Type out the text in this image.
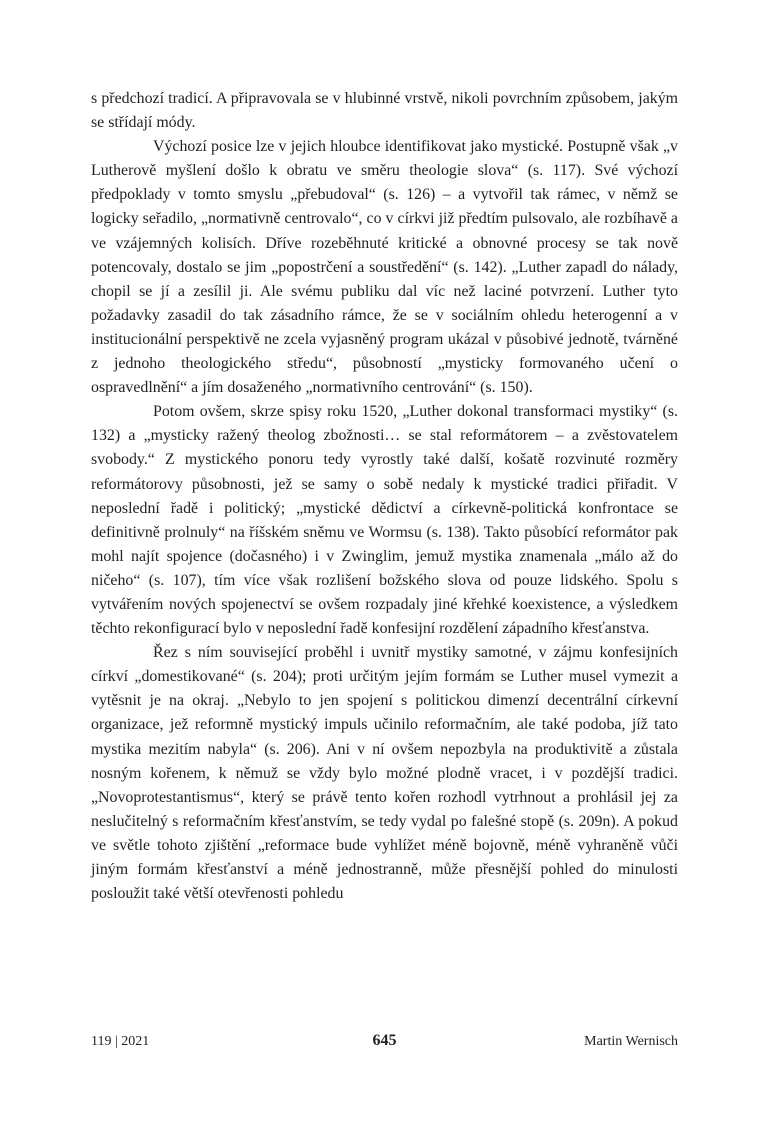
s předchozí tradicí. A připravovala se v hlubinné vrstvě, nikoli povrchním způsobem, jakým se střídají módy.

Výchozí posice lze v jejich hloubce identifikovat jako mystické. Postupně však „v Lutherově myšlení došlo k obratu ve směru theologie slova“ (s. 117). Své výchozí předpoklady v tomto smyslu „přebudoval“ (s. 126) – a vytvořil tak rámec, v němž se logicky seřadilo, „normativně centrovalo“, co v církvi již předtím pulsovalo, ale rozbíhavě a ve vzájemných kolisích. Dříve rozeběhnuté kritické a obnovné procesy se tak nově potencovaly, dostalo se jim „popostrčení a soustředění“ (s. 142). „Luther zapadl do nálady, chopil se jí a zesílil ji. Ale svému publiku dal víc než laciné potvrzení. Luther tyto požadavky zasadil do tak zásadního rámce, že se v sociálním ohledu heterogenní a v institucionální perspektivě ne zcela vyjasněný program ukázal v působivé jednotě, tvárněné z jednoho theologického středu“, působností „mysticky formovaného učení o ospravedlnění“ a jím dosaženého „normativního centrování“ (s. 150).

Potom ovšem, skrze spisy roku 1520, „Luther dokonal transformaci mystiky“ (s. 132) a „mysticky ražený theolog zbožnosti… se stal reformátorem – a zvěstovatelem svobody.“ Z mystického ponoru tedy vyrostly také další, košatě rozvinuté rozměry reformátorovy působnosti, jež se samy o sobě nedaly k mystické tradici přiřadit. V neposlední řadě i politický; „mystické dědictví a církevně-politická konfrontace se definitivně prolnuly“ na říšském sněmu ve Wormsu (s. 138). Takto působící reformátor pak mohl najít spojence (dočasného) i v Zwinglim, jemuž mystika znamenala „málo až do ničeho“ (s. 107), tím více však rozlišení božského slova od pouze lidského. Spolu s vytvářením nových spojenectví se ovšem rozpadaly jiné křehké koexistence, a výsledkem těchto rekonfigurací bylo v neposlední řadě konfesijní rozdělení západního křesťanstva.

Řez s ním související proběhl i uvnitř mystiky samotné, v zájmu konfesijních církví „domestikované“ (s. 204); proti určitým jejím formám se Luther musel vymezit a vytěsnit je na okraj. „Nebylo to jen spojení s politickou dimenzí decentrální církevní organizace, jež reformně mystický impuls učinilo reformačním, ale také podoba, jíž tato mystika mezitím nabyla“ (s. 206). Ani v ní ovšem nepozbyla na produktivitě a zůstala nosným kořenem, k němuž se vždy bylo možné plodně vracet, i v pozdější tradici. „Novoprotestantismus“, který se právě tento kořen rozhodl vytrhnout a prohlásil jej za neslučitelný s reformačním křesťanstvím, se tedy vydal po falešné stopě (s. 209n). A pokud ve světle tohoto zjištění „reformace bude vyhlížet méně bojovně, méně vyhraněně vůči jiným formám křesťanství a méně jednostranně, může přesnější pohled do minulosti posloužit také větší otevřenosti pohledu

119 | 2021	645	Martin Wernisch
